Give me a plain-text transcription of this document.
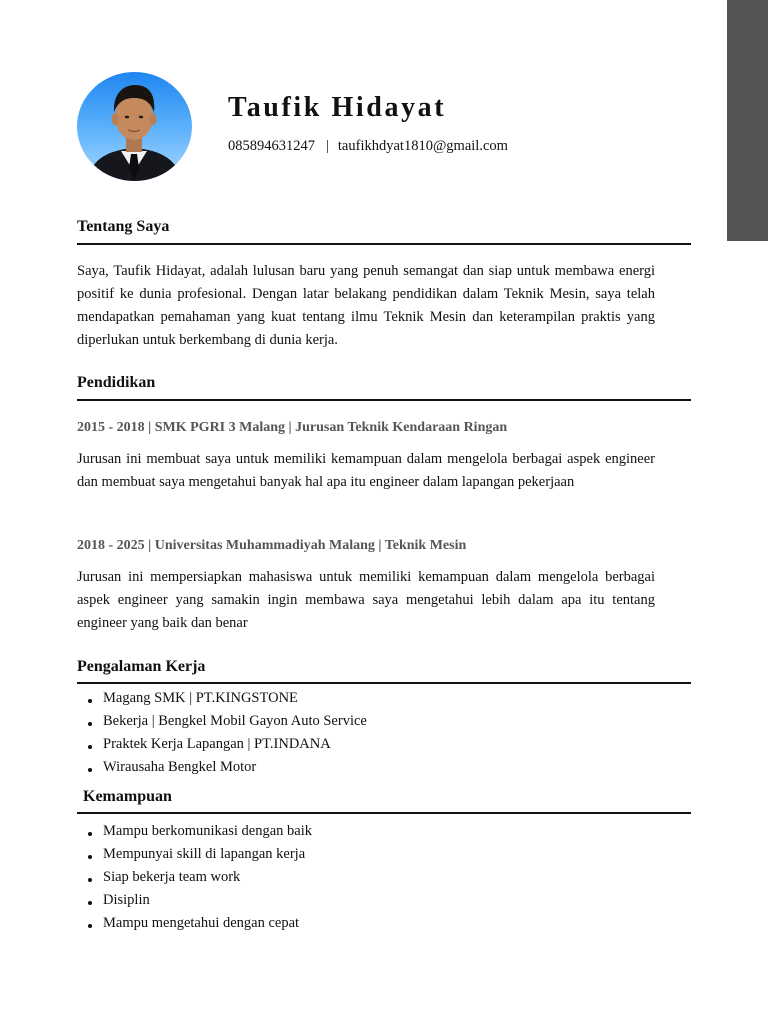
Taufik Hidayat
085894631247 | taufikhdyat1810@gmail.com
Tentang Saya

Saya, Taufik Hidayat, adalah lulusan baru yang penuh semangat dan siap untuk membawa energi positif ke dunia profesional. Dengan latar belakang pendidikan dalam Teknik Mesin, saya telah mendapatkan pemahaman yang kuat tentang ilmu Teknik Mesin dan keterampilan praktis yang diperlukan untuk berkembang di dunia kerja.

Pendidikan
2015 - 2018 | SMK PGRI 3 Malang | Jurusan Teknik Kendaraan Ringan

Jurusan ini membuat saya untuk memiliki kemampuan dalam mengelola berbagai aspek engineer dan membuat saya mengetahui banyak hal apa itu engineer dalam lapangan pekerjaan

2018 - 2025 | Universitas Muhammadiyah Malang | Teknik Mesin

Jurusan ini mempersiapkan mahasiswa untuk memiliki kemampuan dalam mengelola berbagai aspek engineer yang samakin ingin membawa saya mengetahui lebih dalam apa itu tentang engineer yang baik dan benar

Pengalaman Kerja
Magang SMK | PT.KINGSTONE
Bekerja | Bengkel Mobil Gayon Auto Service
Praktek Kerja Lapangan | PT.INDANA
Wirausaha Bengkel Motor
Kemampuan
Mampu berkomunikasi dengan baik
Mempunyai skill di lapangan kerja
Siap bekerja team work
Disiplin
Mampu mengetahui dengan cepat
